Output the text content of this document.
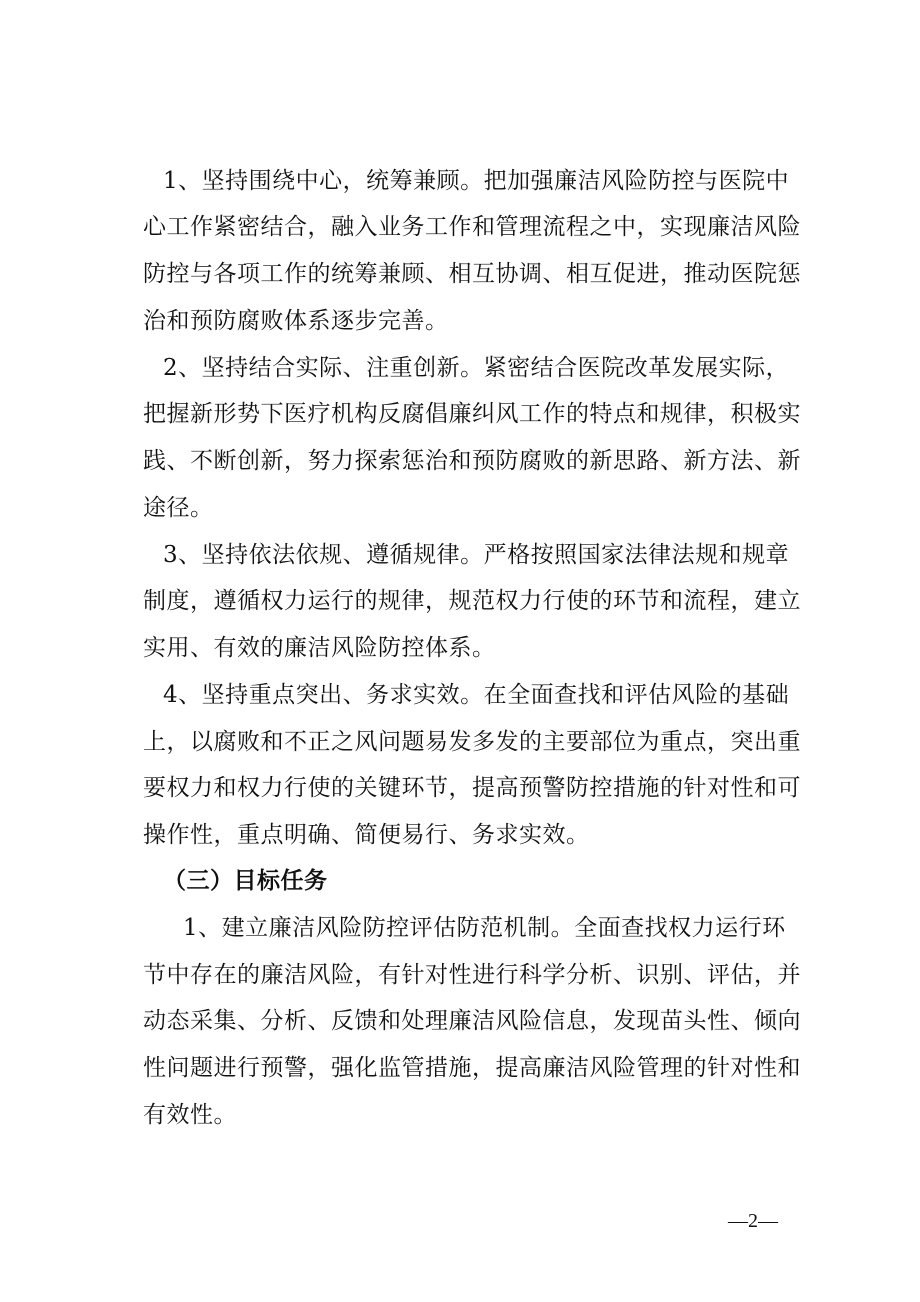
1、坚持围绕中心，统筹兼顾。把加强廉洁风险防控与医院中
心工作紧密结合，融入业务工作和管理流程之中，实现廉洁风险
防控与各项工作的统筹兼顾、相互协调、相互促进，推动医院惩
治和预防腐败体系逐步完善。
2、坚持结合实际、注重创新。紧密结合医院改革发展实际，
把握新形势下医疗机构反腐倡廉纠风工作的特点和规律，积极实
践、不断创新，努力探索惩治和预防腐败的新思路、新方法、新
途径。
3、坚持依法依规、遵循规律。严格按照国家法律法规和规章
制度，遵循权力运行的规律，规范权力行使的环节和流程，建立
实用、有效的廉洁风险防控体系。
4、坚持重点突出、务求实效。在全面查找和评估风险的基础
上，以腐败和不正之风问题易发多发的主要部位为重点，突出重
要权力和权力行使的关键环节，提高预警防控措施的针对性和可
操作性，重点明确、简便易行、务求实效。
（三）目标任务
1、建立廉洁风险防控评估防范机制。全面查找权力运行环
节中存在的廉洁风险，有针对性进行科学分析、识别、评估，并
动态采集、分析、反馈和处理廉洁风险信息，发现苗头性、倾向
性问题进行预警，强化监管措施，提高廉洁风险管理的针对性和
有效性。
—2—
